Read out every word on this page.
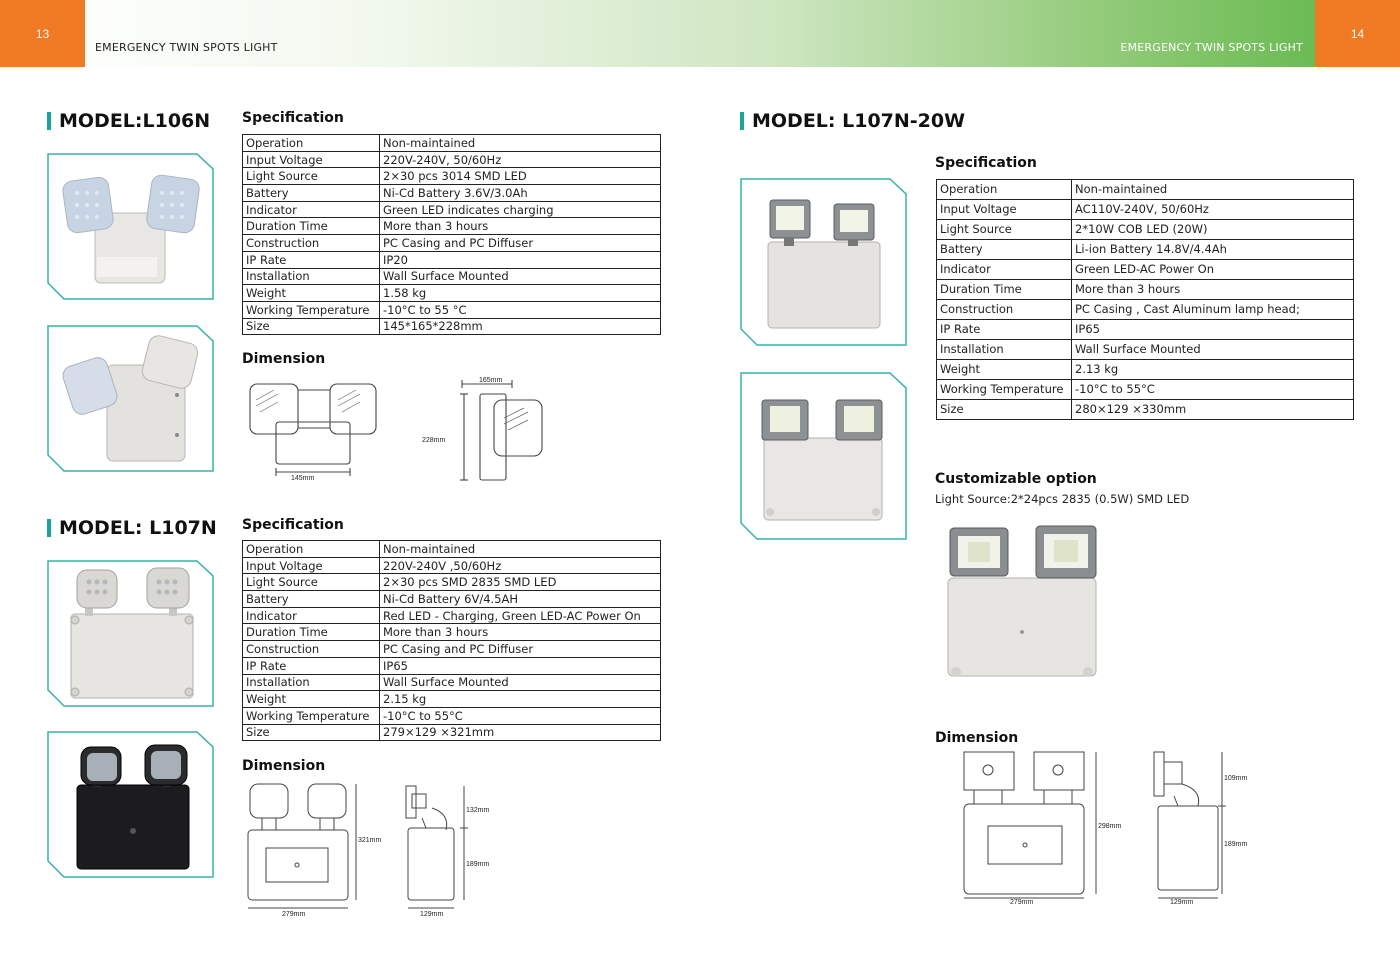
13
EMERGENCY TWIN SPOTS LIGHT	EMERGENCY TWIN SPOTS LIGHT
14
MODEL:L106N Specification
Operation	Non-maintained
Input Voltage	220V-240V, 50/60Hz
Light Source	2×30 pcs 3014 SMD LED
Battery	Ni-Cd Battery 3.6V/3.0Ah
Indicator	Green LED indicates charging
Duration Time	More than 3 hours
Construction	PC Casing and PC Diffuser
IP Rate	IP20
Installation	Wall Surface Mounted
Weight	1.58 kg
Working Temperature	-10°C to 55 °C
Size	145*165*228mm
Dimension
165mm
228mm
145mm
MODEL: L107N Specification
Operation	Non-maintained
Input Voltage	220V-240V ,50/60Hz
Light Source	2×30 pcs SMD 2835 SMD LED
Battery	Ni-Cd Battery 6V/4.5AH
Indicator	Red LED - Charging, Green LED-AC Power On
Duration Time	More than 3 hours
Construction	PC Casing and PC Diffuser
IP Rate	IP65
Installation	Wall Surface Mounted
Weight	2.15 kg
Working Temperature	-10°C to 55°C
Size	279×129 ×321mm
Dimension
321mm
279mm
132mm
189mm
129mm
MODEL: L107N-20W
Specification
Operation	Non-maintained
Input Voltage	AC110V-240V, 50/60Hz
Light Source	2*10W COB LED (20W)
Battery	Li-ion Battery 14.8V/4.4Ah
Indicator	Green LED-AC Power On
Duration Time	More than 3 hours
Construction	PC Casing , Cast Aluminum lamp head;
IP Rate	IP65
Installation	Wall Surface Mounted
Weight	2.13 kg
Working Temperature	-10°C to 55°C
Size	280×129 ×330mm
Customizable option
Light Source:2*24pcs 2835 (0.5W) SMD LED
Dimension
298mm
279mm
109mm
189mm
129mm
